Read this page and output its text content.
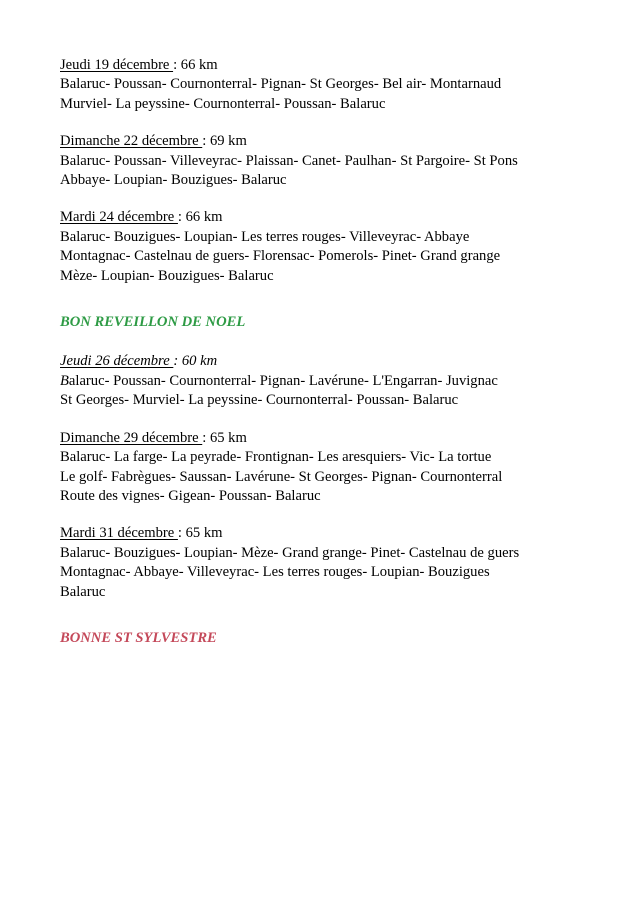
Jeudi 19 décembre : 66 km
Balaruc- Poussan- Cournonterral- Pignan- St Georges- Bel air- Montarnaud
Murviel- La peyssine- Cournonterral- Poussan- Balaruc
Dimanche 22 décembre : 69 km
Balaruc- Poussan- Villeveyrac- Plaissan- Canet- Paulhan- St Pargoire- St Pons
Abbaye- Loupian- Bouzigues- Balaruc
Mardi 24 décembre : 66 km
Balaruc- Bouzigues- Loupian- Les terres rouges- Villeveyrac- Abbaye
Montagnac- Castelnau de guers- Florensac- Pomerols- Pinet- Grand grange
Mèze- Loupian- Bouzigues- Balaruc
BON REVEILLON DE NOEL
Jeudi 26 décembre : 60 km
Balaruc- Poussan- Cournonterral- Pignan- Lavérune- L'Engarran- Juvignac
St Georges- Murviel- La peyssine- Cournonterral- Poussan- Balaruc
Dimanche 29 décembre : 65 km
Balaruc- La farge- La peyrade- Frontignan- Les aresquiers- Vic- La tortue
Le golf- Fabrègues- Saussan- Lavérune- St Georges- Pignan- Cournonterral
Route des vignes- Gigean- Poussan- Balaruc
Mardi 31 décembre : 65 km
Balaruc- Bouzigues- Loupian- Mèze- Grand grange- Pinet- Castelnau de guers
Montagnac- Abbaye- Villeveyrac- Les terres rouges- Loupian- Bouzigues
Balaruc
BONNE ST SYLVESTRE
